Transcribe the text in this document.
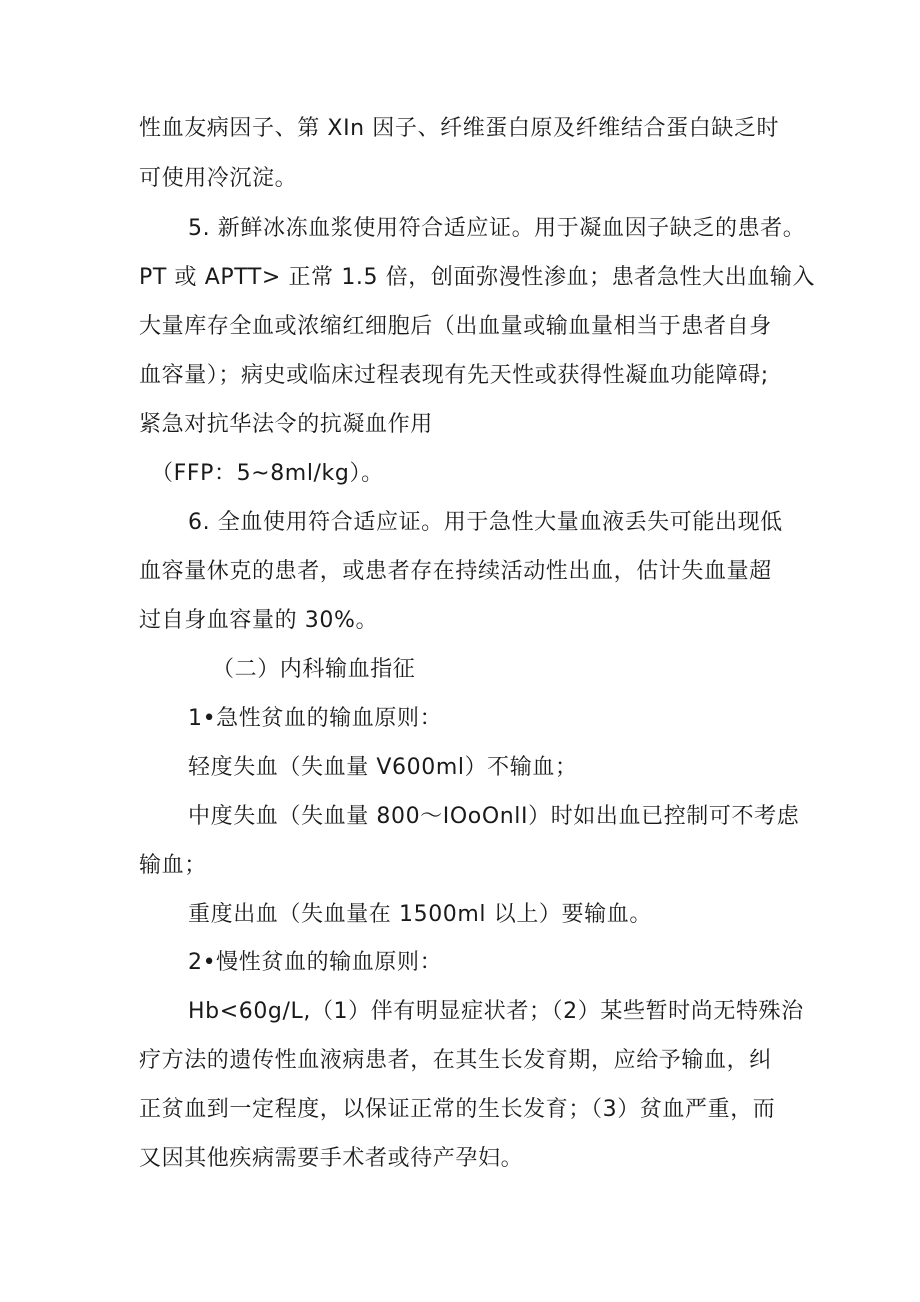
性血友病因子、第 XIn 因子、纤维蛋白原及纤维结合蛋白缺乏时
可使用冷沉淀。
5. 新鲜冰冻血浆使用符合适应证。用于凝血因子缺乏的患者。
PT 或 APTT> 正常 1.5 倍，创面弥漫性渗血；患者急性大出血输入
大量库存全血或浓缩红细胞后（出血量或输血量相当于患者自身
血容量）；病史或临床过程表现有先天性或获得性凝血功能障碍;
紧急对抗华法令的抗凝血作用
（FFP：5~8ml/kg）。
6. 全血使用符合适应证。用于急性大量血液丢失可能出现低
血容量休克的患者，或患者存在持续活动性出血，估计失血量超
过自身血容量的 30%。
（二）内科输血指征
1•急性贫血的输血原则：
轻度失血（失血量 V600ml）不输血；
中度失血（失血量 800〜IOoOnlI）时如出血已控制可不考虑
输血；
重度出血（失血量在 1500ml 以上）要输血。
2•慢性贫血的输血原则：
Hb<60g/L,（1）伴有明显症状者；（2）某些暂时尚无特殊治
疗方法的遗传性血液病患者，在其生长发育期，应给予输血，纠
正贫血到一定程度，以保证正常的生长发育；（3）贫血严重，而
又因其他疾病需要手术者或待产孕妇。
